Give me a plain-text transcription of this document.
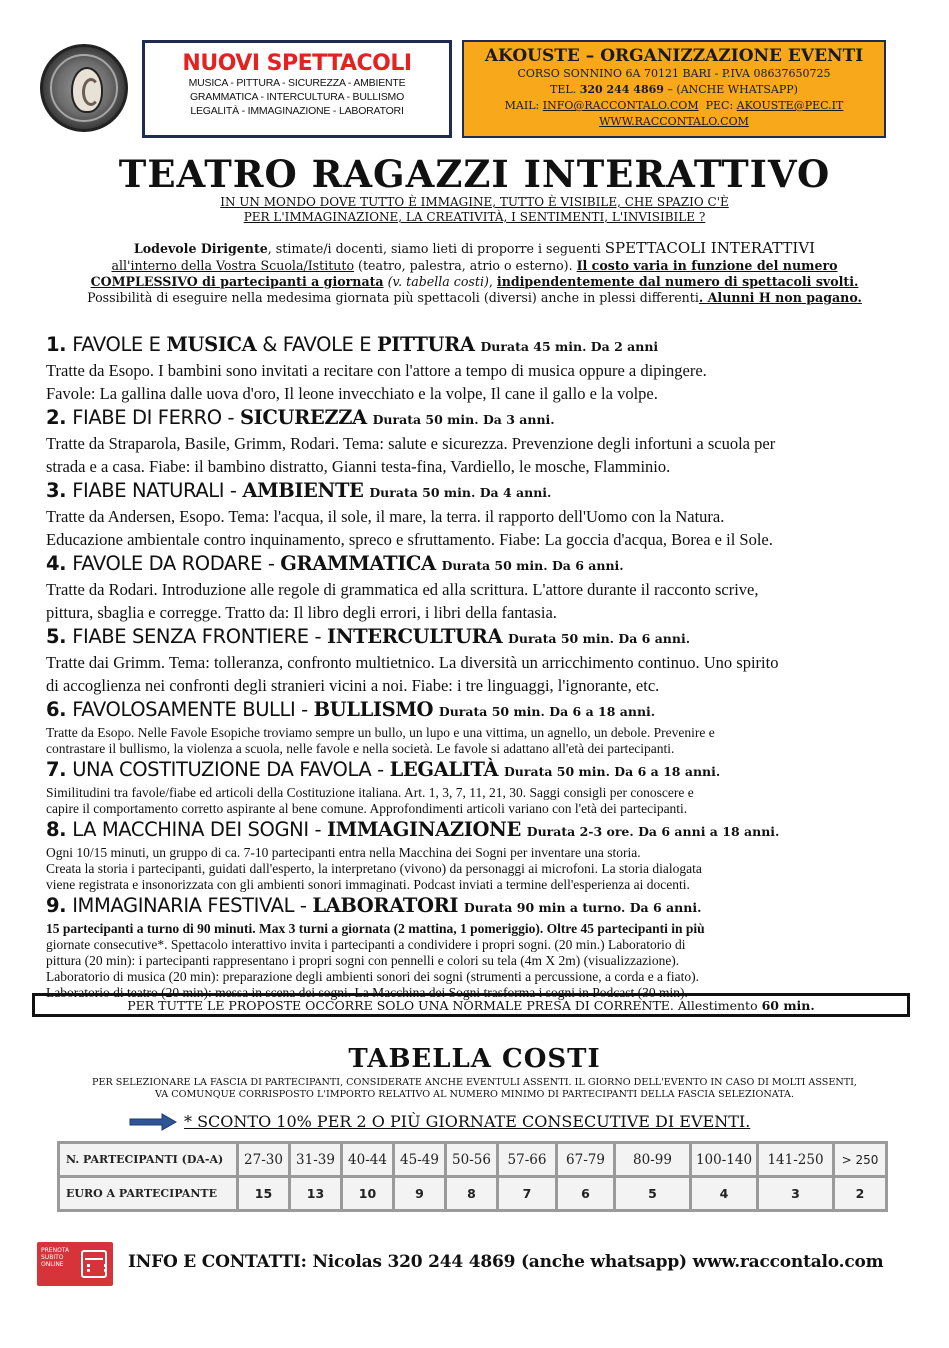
NUOVI SPETTACOLI
MUSICA - PITTURA - SICUREZZA - AMBIENTE
GRAMMATICA - INTERCULTURA - BULLISMO
LEGALITÀ - IMMAGINAZIONE - LABORATORI
AKOUSTE – ORGANIZZAZIONE EVENTI
CORSO SONNINO 6A 70121 BARI - P.IVA 08637650725
TEL. 320 244 4869 – (ANCHE WHATSAPP)
MAIL: INFO@RACCONTALO.COM PEC: AKOUSTE@PEC.IT
WWW.RACCONTALO.COM
TEATRO RAGAZZI INTERATTIVO
IN UN MONDO DOVE TUTTO È IMMAGINE, TUTTO È VISIBILE, CHE SPAZIO C'È
PER L'IMMAGINAZIONE, LA CREATIVITÀ, I SENTIMENTI, L'INVISIBILE ?
Lodevole Dirigente, stimate/i docenti, siamo lieti di proporre i seguenti SPETTACOLI INTERATTIVI
all'interno della Vostra Scuola/Istituto (teatro, palestra, atrio o esterno). Il costo varia in funzione del numero
COMPLESSIVO di partecipanti a giornata (v. tabella costi), indipendentemente dal numero di spettacoli svolti.
Possibilità di eseguire nella medesima giornata più spettacoli (diversi) anche in plessi differenti. Alunni H non pagano.
1. FAVOLE E MUSICA & FAVOLE E PITTURA Durata 45 min. Da 2 anni
Tratte da Esopo. I bambini sono invitati a recitare con l'attore a tempo di musica oppure a dipingere.
Favole: La gallina dalle uova d'oro, Il leone invecchiato e la volpe, Il cane il gallo e la volpe.
2. FIABE DI FERRO - SICUREZZA Durata 50 min. Da 3 anni.
Tratte da Straparola, Basile, Grimm, Rodari. Tema: salute e sicurezza. Prevenzione degli infortuni a scuola per
strada e a casa. Fiabe: il bambino distratto, Gianni testa-fina, Vardiello, le mosche, Flamminio.
3. FIABE NATURALI - AMBIENTE Durata 50 min. Da 4 anni.
Tratte da Andersen, Esopo. Tema: l'acqua, il sole, il mare, la terra. il rapporto dell'Uomo con la Natura.
Educazione ambientale contro inquinamento, spreco e sfruttamento. Fiabe: La goccia d'acqua, Borea e il Sole.
4. FAVOLE DA RODARE - GRAMMATICA Durata 50 min. Da 6 anni.
Tratte da Rodari. Introduzione alle regole di grammatica ed alla scrittura. L'attore durante il racconto scrive,
pittura, sbaglia e corregge. Tratto da: Il libro degli errori, i libri della fantasia.
5. FIABE SENZA FRONTIERE - INTERCULTURA Durata 50 min. Da 6 anni.
Tratte dai Grimm. Tema: tolleranza, confronto multietnico. La diversità un arricchimento continuo. Uno spirito
di accoglienza nei confronti degli stranieri vicini a noi. Fiabe: i tre linguaggi, l'ignorante, etc.
6. FAVOLOSAMENTE BULLI - BULLISMO Durata 50 min. Da 6 a 18 anni.
Tratte da Esopo. Nelle Favole Esopiche troviamo sempre un bullo, un lupo e una vittima, un agnello, un debole. Prevenire e
contrastare il bullismo, la violenza a scuola, nelle favole e nella società. Le favole si adattano all'età dei partecipanti.
7. UNA COSTITUZIONE DA FAVOLA - LEGALITÀ Durata 50 min. Da 6 a 18 anni.
Similitudini tra favole/fiabe ed articoli della Costituzione italiana. Art. 1, 3, 7, 11, 21, 30. Saggi consigli per conoscere e
capire il comportamento corretto aspirante al bene comune. Approfondimenti articoli variano con l'età dei partecipanti.
8. LA MACCHINA DEI SOGNI - IMMAGINAZIONE Durata 2-3 ore. Da 6 anni a 18 anni.
Ogni 10/15 minuti, un gruppo di ca. 7-10 partecipanti entra nella Macchina dei Sogni per inventare una storia.
Creata la storia i partecipanti, guidati dall'esperto, la interpretano (vivono) da personaggi ai microfoni. La storia dialogata
viene registrata e insonorizzata con gli ambienti sonori immaginati. Podcast inviati a termine dell'esperienza ai docenti.
9. IMMAGINARIA FESTIVAL - LABORATORI Durata 90 min a turno. Da 6 anni.
15 partecipanti a turno di 90 minuti. Max 3 turni a giornata (2 mattina, 1 pomeriggio). Oltre 45 partecipanti in più
giornate consecutive*. Spettacolo interattivo invita i partecipanti a condividere i propri sogni. (20 min.) Laboratorio di
pittura (20 min): i partecipanti rappresentano i propri sogni con pennelli e colori su tela (4m X 2m) (visualizzazione).
Laboratorio di musica (20 min): preparazione degli ambienti sonori dei sogni (strumenti a percussione, a corda e a fiato).
Laboratorio di teatro (20 min): messa in scena dei sogni. La Macchina dei Sogni trasforma i sogni in Podcast (30 min).
PER TUTTE LE PROPOSTE OCCORRE SOLO UNA NORMALE PRESA DI CORRENTE. Allestimento 60 min.
TABELLA COSTI
PER SELEZIONARE LA FASCIA DI PARTECIPANTI, CONSIDERATE ANCHE EVENTULI ASSENTI. IL GIORNO DELL'EVENTO IN CASO DI MOLTI ASSENTI,
VA COMUNQUE CORRISPOSTO L'IMPORTO RELATIVO AL NUMERO MINIMO DI PARTECIPANTI DELLA FASCIA SELEZIONATA.
* SCONTO 10% PER 2 O PIÙ GIORNATE CONSECUTIVE DI EVENTI.
N. PARTECIPANTI (DA-A)	27-30	31-39	40-44	45-49	50-56	57-66	67-79	80-99	100-140	141-250	> 250
EURO A PARTECIPANTE	15	13	10	9	8	7	6	5	4	3	2
PRENOTA SUBITO ONLINE	INFO E CONTATTI: Nicolas 320 244 4869 (anche whatsapp) www.raccontalo.com
